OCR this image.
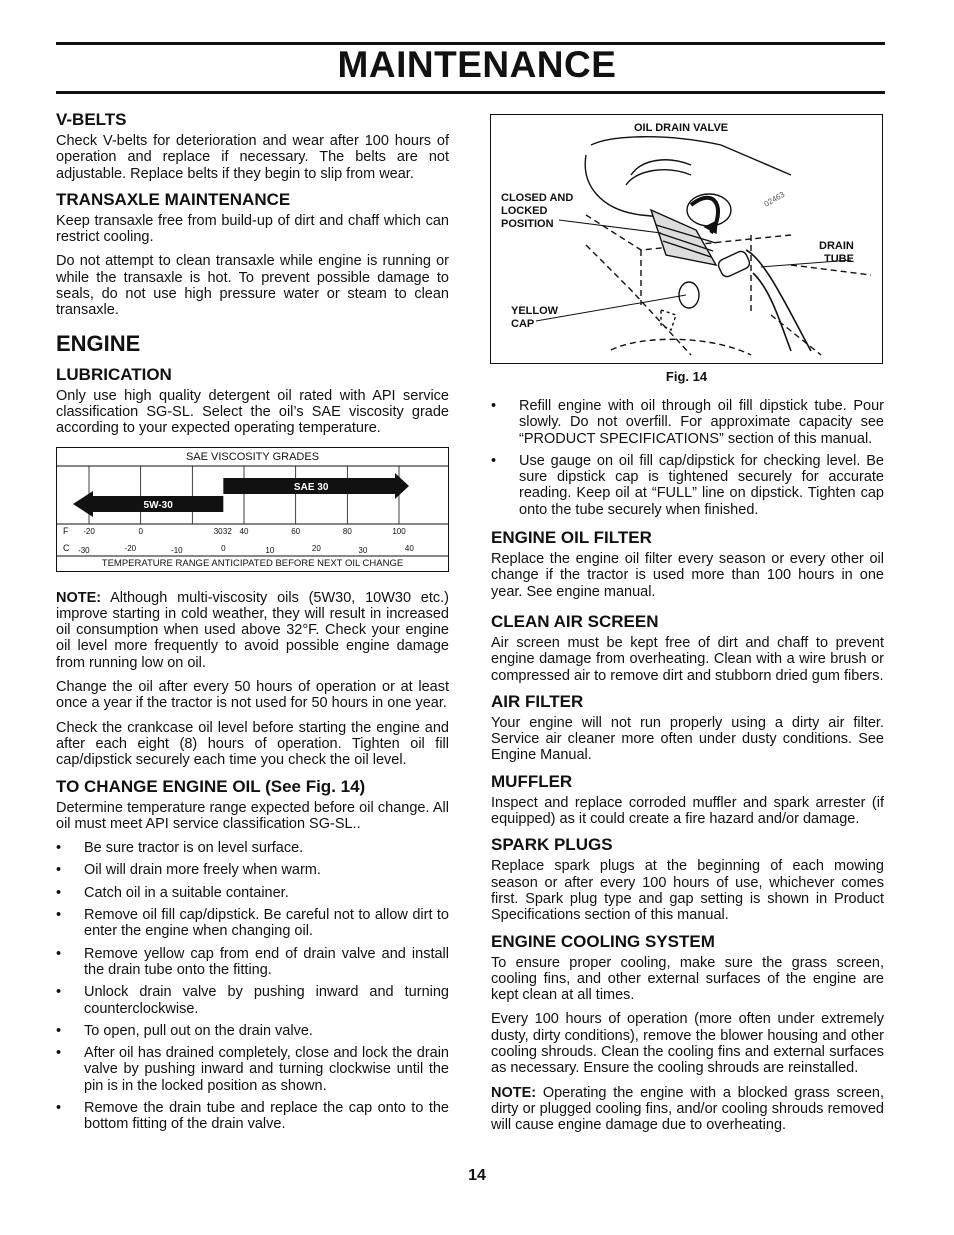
MAINTENANCE
V-BELTS

Check V-belts for deterioration and wear after 100 hours of operation and replace if necessary. The belts are not adjustable. Replace belts if they begin to slip from wear.

TRANSAXLE MAINTENANCE

Keep transaxle free from build-up of dirt and chaff which can restrict cooling.

Do not attempt to clean transaxle while engine is running or while the transaxle is hot. To prevent possible damage to seals, do not use high pressure water or steam to clean transaxle.

ENGINE
LUBRICATION

Only use high quality detergent oil rated with API service classification SG-SL. Select the oil’s SAE viscosity grade according to your expected operating temperature.

SAE VISCOSITY GRADES
SAE 30
5W-30
F -20	0	30 32 40	60	80	100
C -30	-20	-10	0	10	20	30	40
TEMPERATURE RANGE ANTICIPATED BEFORE NEXT OIL CHANGE

NOTE: Although multi-viscosity oils (5W30, 10W30 etc.) improve starting in cold weather, they will result in increased oil consumption when used above 32°F. Check your engine oil level more frequently to avoid possible engine damage from running low on oil.

Change the oil after every 50 hours of operation or at least once a year if the tractor is not used for 50 hours in one year.

Check the crankcase oil level before starting the engine and after each eight (8) hours of operation. Tighten oil fill cap/dipstick securely each time you check the oil level.

TO CHANGE ENGINE OIL (See Fig. 14)

Determine temperature range expected before oil change. All oil must meet API service classification SG-SL..

• Be sure tractor is on level surface.
• Oil will drain more freely when warm.
• Catch oil in a suitable container.
• Remove oil fill cap/dipstick. Be careful not to allow dirt to enter the engine when changing oil.
• Remove yellow cap from end of drain valve and install the drain tube onto the fitting.
• Unlock drain valve by pushing inward and turning counterclockwise.
• To open, pull out on the drain valve.
• After oil has drained completely, close and lock the drain valve by pushing inward and turning clockwise until the pin is in the locked position as shown.
• Remove the drain tube and replace the cap onto to the bottom fitting of the drain valve.
OIL DRAIN VALVE
CLOSED AND
LOCKED
POSITION
DRAIN
TUBE
YELLOW
CAP
02463
Fig. 14
• Refill engine with oil through oil fill dipstick tube. Pour slowly. Do not overfill. For approximate capacity see “PRODUCT SPECIFICATIONS” section of this manual.
• Use gauge on oil fill cap/dipstick for checking level. Be sure dipstick cap is tightened securely for accurate reading. Keep oil at “FULL” line on dipstick. Tighten cap onto the tube securely when finished.
ENGINE OIL FILTER

Replace the engine oil filter every season or every other oil change if the tractor is used more than 100 hours in one year. See engine manual.

CLEAN AIR SCREEN

Air screen must be kept free of dirt and chaff to prevent engine damage from overheating. Clean with a wire brush or compressed air to remove dirt and stubborn dried gum fibers.

AIR FILTER

Your engine will not run properly using a dirty air filter. Service air cleaner more often under dusty conditions. See Engine Manual.

MUFFLER

Inspect and replace corroded muffler and spark arrester (if equipped) as it could create a fire hazard and/or damage.

SPARK PLUGS

Replace spark plugs at the beginning of each mowing season or after every 100 hours of use, whichever comes first. Spark plug type and gap setting is shown in Product Specifications section of this manual.

ENGINE COOLING SYSTEM

To ensure proper cooling, make sure the grass screen, cooling fins, and other external surfaces of the engine are kept clean at all times.

Every 100 hours of operation (more often under extremely dusty, dirty conditions), remove the blower housing and other cooling shrouds. Clean the cooling fins and external surfaces as necessary. Ensure the cooling shrouds are reinstalled.

NOTE: Operating the engine with a blocked grass screen, dirty or plugged cooling fins, and/or cooling shrouds removed will cause engine damage due to overheating.

14
